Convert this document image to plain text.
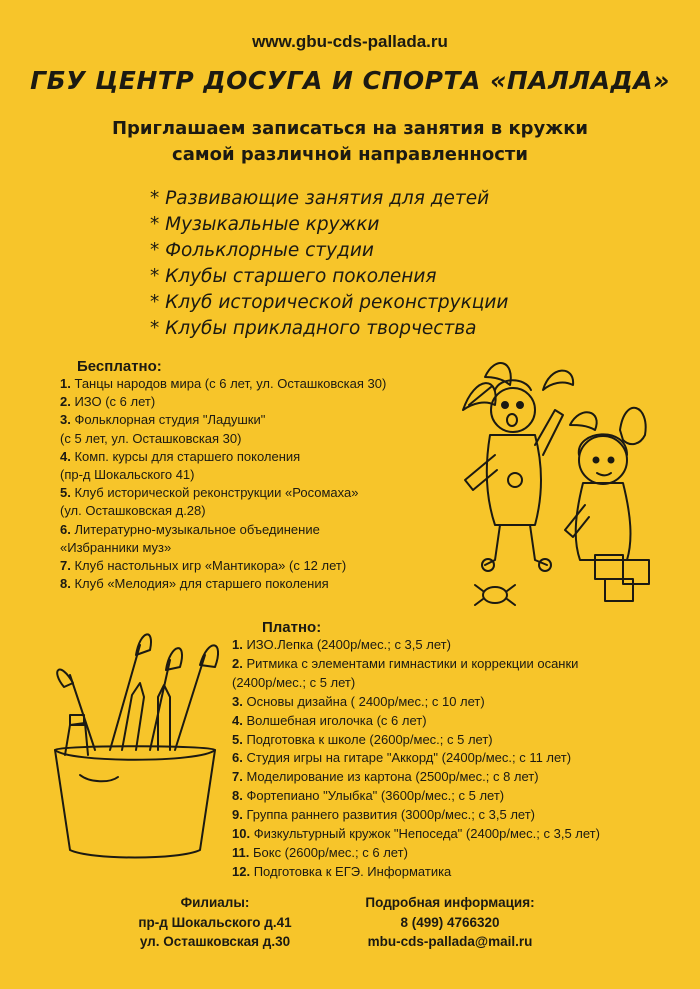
www.gbu-cds-pallada.ru
ГБУ ЦЕНТР ДОСУГА И СПОРТА «ПАЛЛАДА»
Приглашаем записаться на занятия в кружки
самой различной направленности
* Развивающие занятия для детей
* Музыкальные кружки
* Фольклорные студии
* Клубы старшего поколения
* Клуб исторической реконструкции
* Клубы прикладного творчества
Бесплатно:
1. Танцы народов мира (с 6 лет, ул. Осташковская 30)
2. ИЗО (с 6 лет)
3. Фольклорная студия "Ладушки"
(с 5 лет, ул. Осташковская 30)
4. Комп. курсы для старшего поколения
(пр-д Шокальского 41)
5. Клуб исторической реконструкции «Росомаха»
(ул. Осташковская д.28)
6. Литературно-музыкальное объединение
«Избранники муз»
7. Клуб настольных игр «Мантикора» (с 12 лет)
8. Клуб «Мелодия» для старшего поколения
Платно:
1. ИЗО.Лепка (2400р/мес.; с 3,5 лет)
2. Ритмика с элементами гимнастики и коррекции осанки
(2400р/мес.; с 5 лет)
3. Основы дизайна ( 2400р/мес.; с 10 лет)
4. Волшебная иголочка (с 6 лет)
5. Подготовка к школе (2600р/мес.; с 5 лет)
6. Студия игры на гитаре "Аккорд" (2400р/мес.; с 11 лет)
7. Моделирование из картона (2500р/мес.; с 8 лет)
8. Фортепиано "Улыбка" (3600р/мес.; с 5 лет)
9. Группа раннего развития (3000р/мес.; с 3,5 лет)
10. Физкультурный кружок "Непоседа" (2400р/мес.; с 3,5 лет)
11. Бокс (2600р/мес.; с 6 лет)
12. Подготовка к ЕГЭ. Информатика
Филиалы:
пр-д Шокальского д.41
ул. Осташковская д.30
Подробная информация:
8 (499) 4766320
mbu-cds-pallada@mail.ru
